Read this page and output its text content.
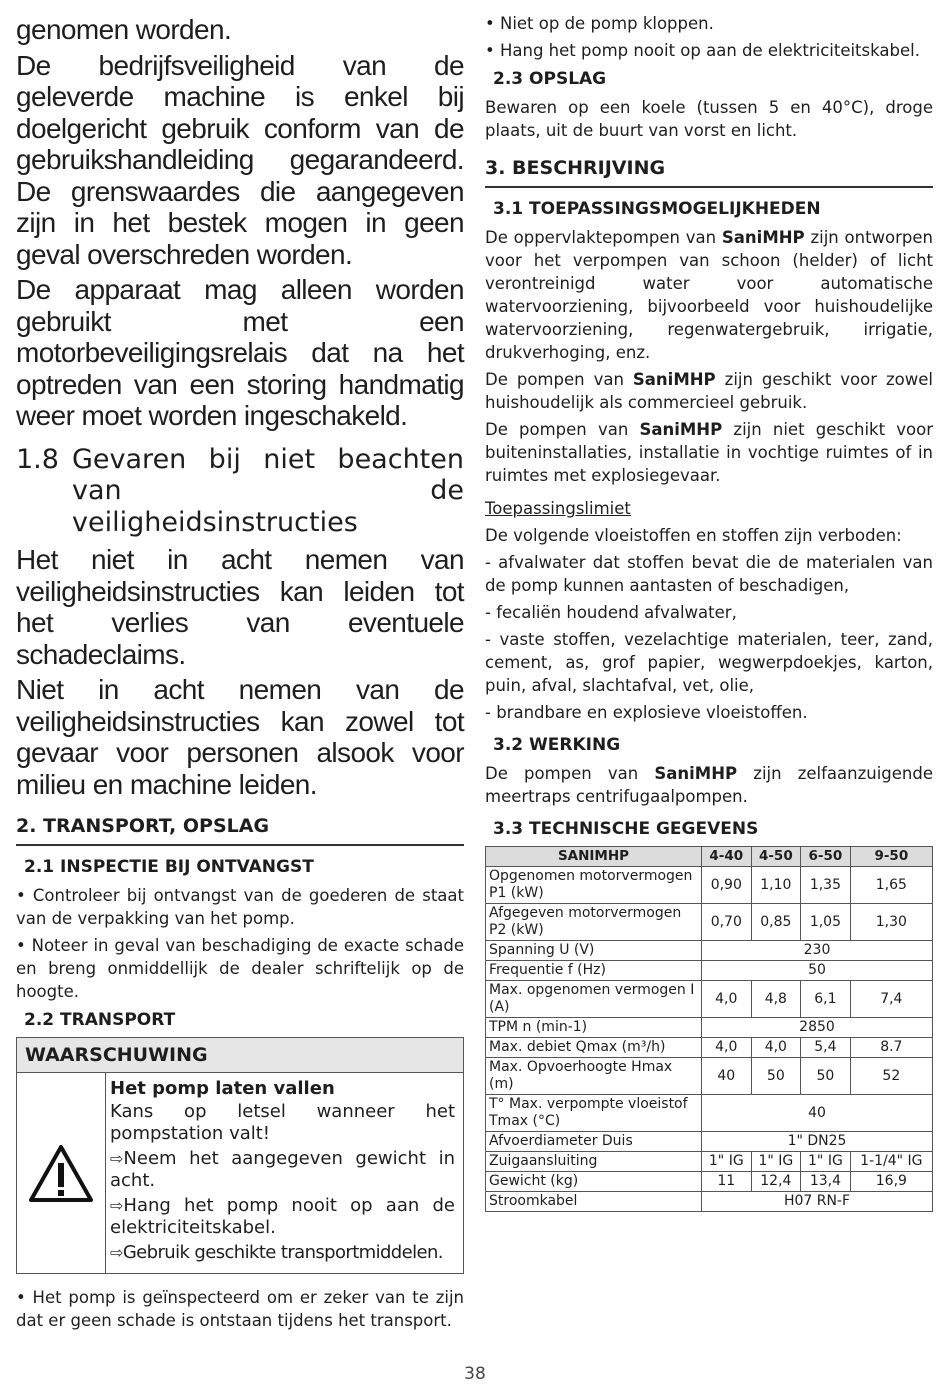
genomen worden.

De bedrijfsveiligheid van de geleverde machine is enkel bij doelgericht gebruik conform van de gebruikshandleiding gegarandeerd. De grenswaardes die aangegeven zijn in het bestek mogen in geen geval overschreden worden.

De apparaat mag alleen worden gebruikt met een motorbeveiligingsrelais dat na het optreden van een storing handmatig weer moet worden ingeschakeld.

1.8 Gevaren bij niet beachten van de
veiligheidsinstructies

Het niet in acht nemen van veiligheidsinstructies kan leiden tot het verlies van eventuele schadeclaims.

Niet in acht nemen van de veiligheidsinstructies kan zowel tot gevaar voor personen alsook voor milieu en machine leiden.

2. TRANSPORT, OPSLAG
2.1 INSPECTIE BIJ ONTVANGST

• Controleer bij ontvangst van de goederen de staat van de verpakking van het pomp.

• Noteer in geval van beschadiging de exacte schade en breng onmiddellijk de dealer schriftelijk op de hoogte.

2.2 TRANSPORT
WAARSCHUWING
Het pomp laten vallen

Kans op letsel wanneer het pompstation valt!

⇨Neem het aangegeven gewicht in acht.

⇨Hang het pomp nooit op aan de elektriciteitskabel.

⇨Gebruik geschikte transportmiddelen.

• Het pomp is geïnspecteerd om er zeker van te zijn dat er geen schade is ontstaan tijdens het transport.

• Niet op de pomp kloppen.

• Hang het pomp nooit op aan de elektriciteitskabel.

2.3 OPSLAG

Bewaren op een koele (tussen 5 en 40°C), droge plaats, uit de buurt van vorst en licht.

3. BESCHRIJVING
3.1 TOEPASSINGSMOGELIJKHEDEN

De oppervlaktepompen van SaniMHP zijn ontworpen voor het verpompen van schoon (helder) of licht verontreinigd water voor automatische watervoorziening, bijvoorbeeld voor huishoudelijke watervoorziening, regenwatergebruik, irrigatie, drukverhoging, enz.

De pompen van SaniMHP zijn geschikt voor zowel huishoudelijk als commercieel gebruik.

De pompen van SaniMHP zijn niet geschikt voor buiteninstallaties, installatie in vochtige ruimtes of in ruimtes met explosiegevaar.

Toepassingslimiet

De volgende vloeistoffen en stoffen zijn verboden:

- afvalwater dat stoffen bevat die de materialen van de pomp kunnen aantasten of beschadigen,

- fecaliën houdend afvalwater,

- vaste stoffen, vezelachtige materialen, teer, zand, cement, as, grof papier, wegwerpdoekjes, karton, puin, afval, slachtafval, vet, olie,

- brandbare en explosieve vloeistoffen.

3.2 WERKING

De pompen van SaniMHP zijn zelfaanzuigende meertraps centrifugaalpompen.

3.3 TECHNISCHE GEGEVENS
SANIMHP	4-40	4-50	6-50	9-50
Opgenomen motorvermogen P1 (kW)	0,90	1,10	1,35	1,65
Afgegeven motorvermogen P2 (kW)	0,70	0,85	1,05	1,30
Spanning U (V)	230			
Frequentie f (Hz)	50			
Max. opgenomen vermogen I (A)	4,0	4,8	6,1	7,4
TPM n (min-1)	2850			
Max. debiet Qmax (m³/h)	4,0	4,0	5,4	8.7
Max. Opvoerhoogte Hmax (m)	40	50	50	52
T° Max. verpompte vloeistof Tmax (°C)	40			
Afvoerdiameter Duis	1" DN25			
Zuigaansluiting	1" IG	1" IG	1" IG	1-1/4" IG
Gewicht (kg)	11	12,4	13,4	16,9
Stroomkabel	H07 RN-F			
38
